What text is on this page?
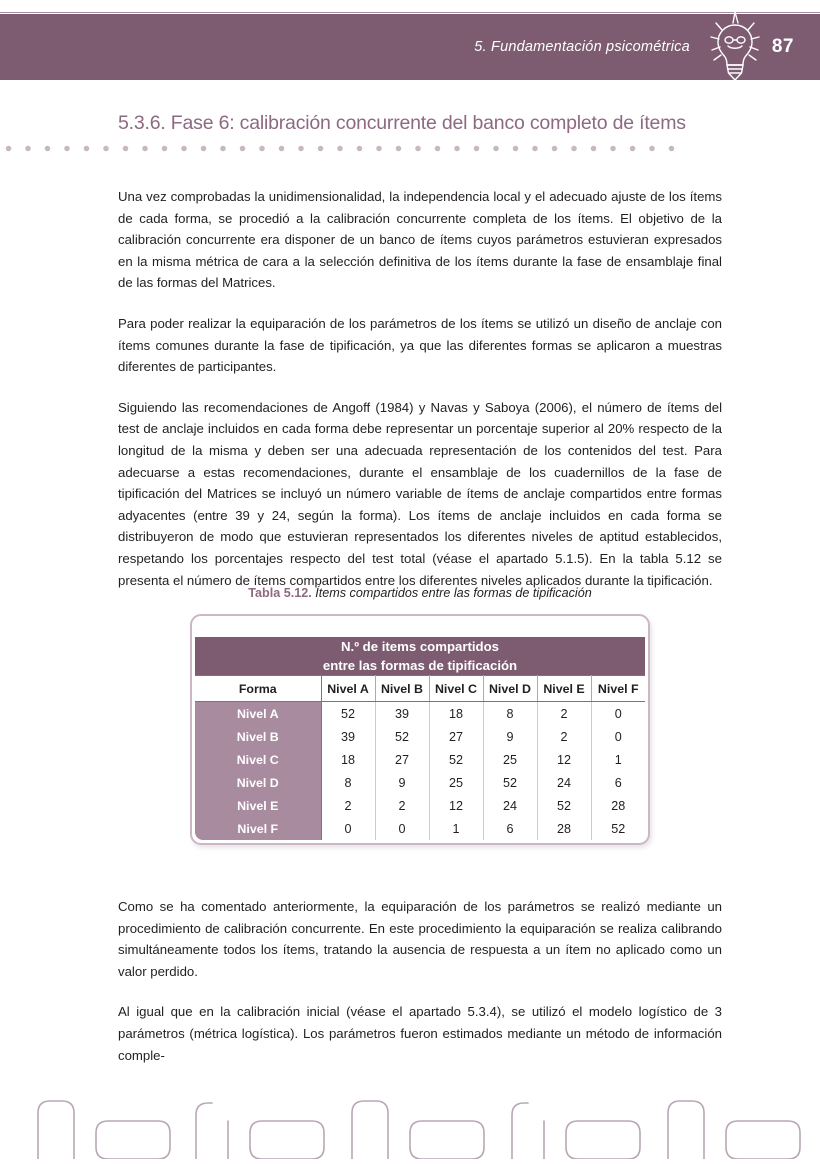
5. Fundamentación psicométrica	87
5.3.6. Fase 6: calibración concurrente del banco completo de ítems

Una vez comprobadas la unidimensionalidad, la independencia local y el adecuado ajuste de los ítems de cada forma, se procedió a la calibración concurrente completa de los ítems. El objetivo de la calibración concurrente era disponer de un banco de ítems cuyos parámetros estuvieran expresados en la misma métrica de cara a la selección definitiva de los ítems durante la fase de ensamblaje final de las formas del Matrices.

Para poder realizar la equiparación de los parámetros de los ítems se utilizó un diseño de anclaje con ítems comunes durante la fase de tipificación, ya que las diferentes formas se aplicaron a muestras diferentes de participantes.

Siguiendo las recomendaciones de Angoff (1984) y Navas y Saboya (2006), el número de ítems del test de anclaje incluidos en cada forma debe representar un porcentaje superior al 20% respecto de la longitud de la misma y deben ser una adecuada representación de los contenidos del test. Para adecuarse a estas recomendaciones, durante el ensamblaje de los cuadernillos de la fase de tipificación del Matrices se incluyó un número variable de ítems de anclaje compartidos entre formas adyacentes (entre 39 y 24, según la forma). Los ítems de anclaje incluidos en cada forma se distribuyeron de modo que estuvieran representados los diferentes niveles de aptitud establecidos, respetando los porcentajes respecto del test total (véase el apartado 5.1.5). En la tabla 5.12 se presenta el número de ítems compartidos entre los diferentes niveles aplicados durante la tipificación.

Tabla 5.12. Ítems compartidos entre las formas de tipificación

N.º de items compartidos
entre las formas de tipificación						

Forma	Nivel A	Nivel B	Nivel C	Nivel D	Nivel E	Nivel F
Nivel A	52	39	18	8	2	0
Nivel B	39	52	27	9	2	0
Nivel C	18	27	52	25	12	1
Nivel D	8	9	25	52	24	6
Nivel E	2	2	12	24	52	28
Nivel F	0	0	1	6	28	52

Como se ha comentado anteriormente, la equiparación de los parámetros se realizó mediante un procedimiento de calibración concurrente. En este procedimiento la equiparación se realiza calibrando simultáneamente todos los ítems, tratando la ausencia de respuesta a un ítem no aplicado como un valor perdido.

Al igual que en la calibración inicial (véase el apartado 5.3.4), se utilizó el modelo logístico de 3 parámetros (métrica logística). Los parámetros fueron estimados mediante un método de información comple-
